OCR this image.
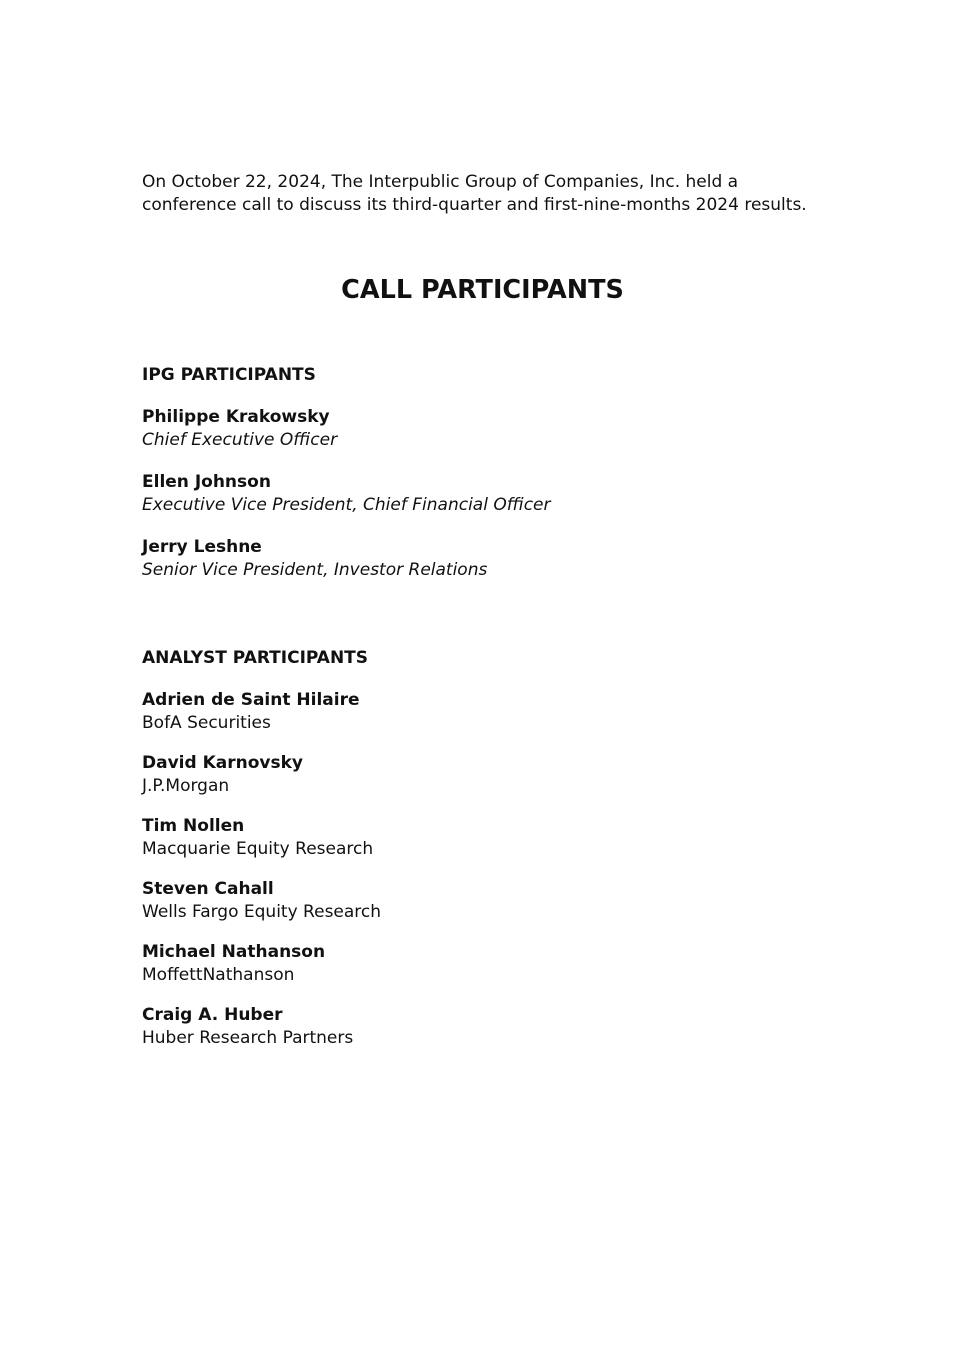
On October 22, 2024, The Interpublic Group of Companies, Inc. held a
conference call to discuss its third-quarter and first-nine-months 2024 results.

CALL PARTICIPANTS
IPG PARTICIPANTS
Philippe Krakowsky
Chief Executive Officer
Ellen Johnson
Executive Vice President, Chief Financial Officer
Jerry Leshne
Senior Vice President, Investor Relations
ANALYST PARTICIPANTS
Adrien de Saint Hilaire
BofA Securities
David Karnovsky
J.P.Morgan
Tim Nollen
Macquarie Equity Research
Steven Cahall
Wells Fargo Equity Research
Michael Nathanson
MoffettNathanson
Craig A. Huber
Huber Research Partners
